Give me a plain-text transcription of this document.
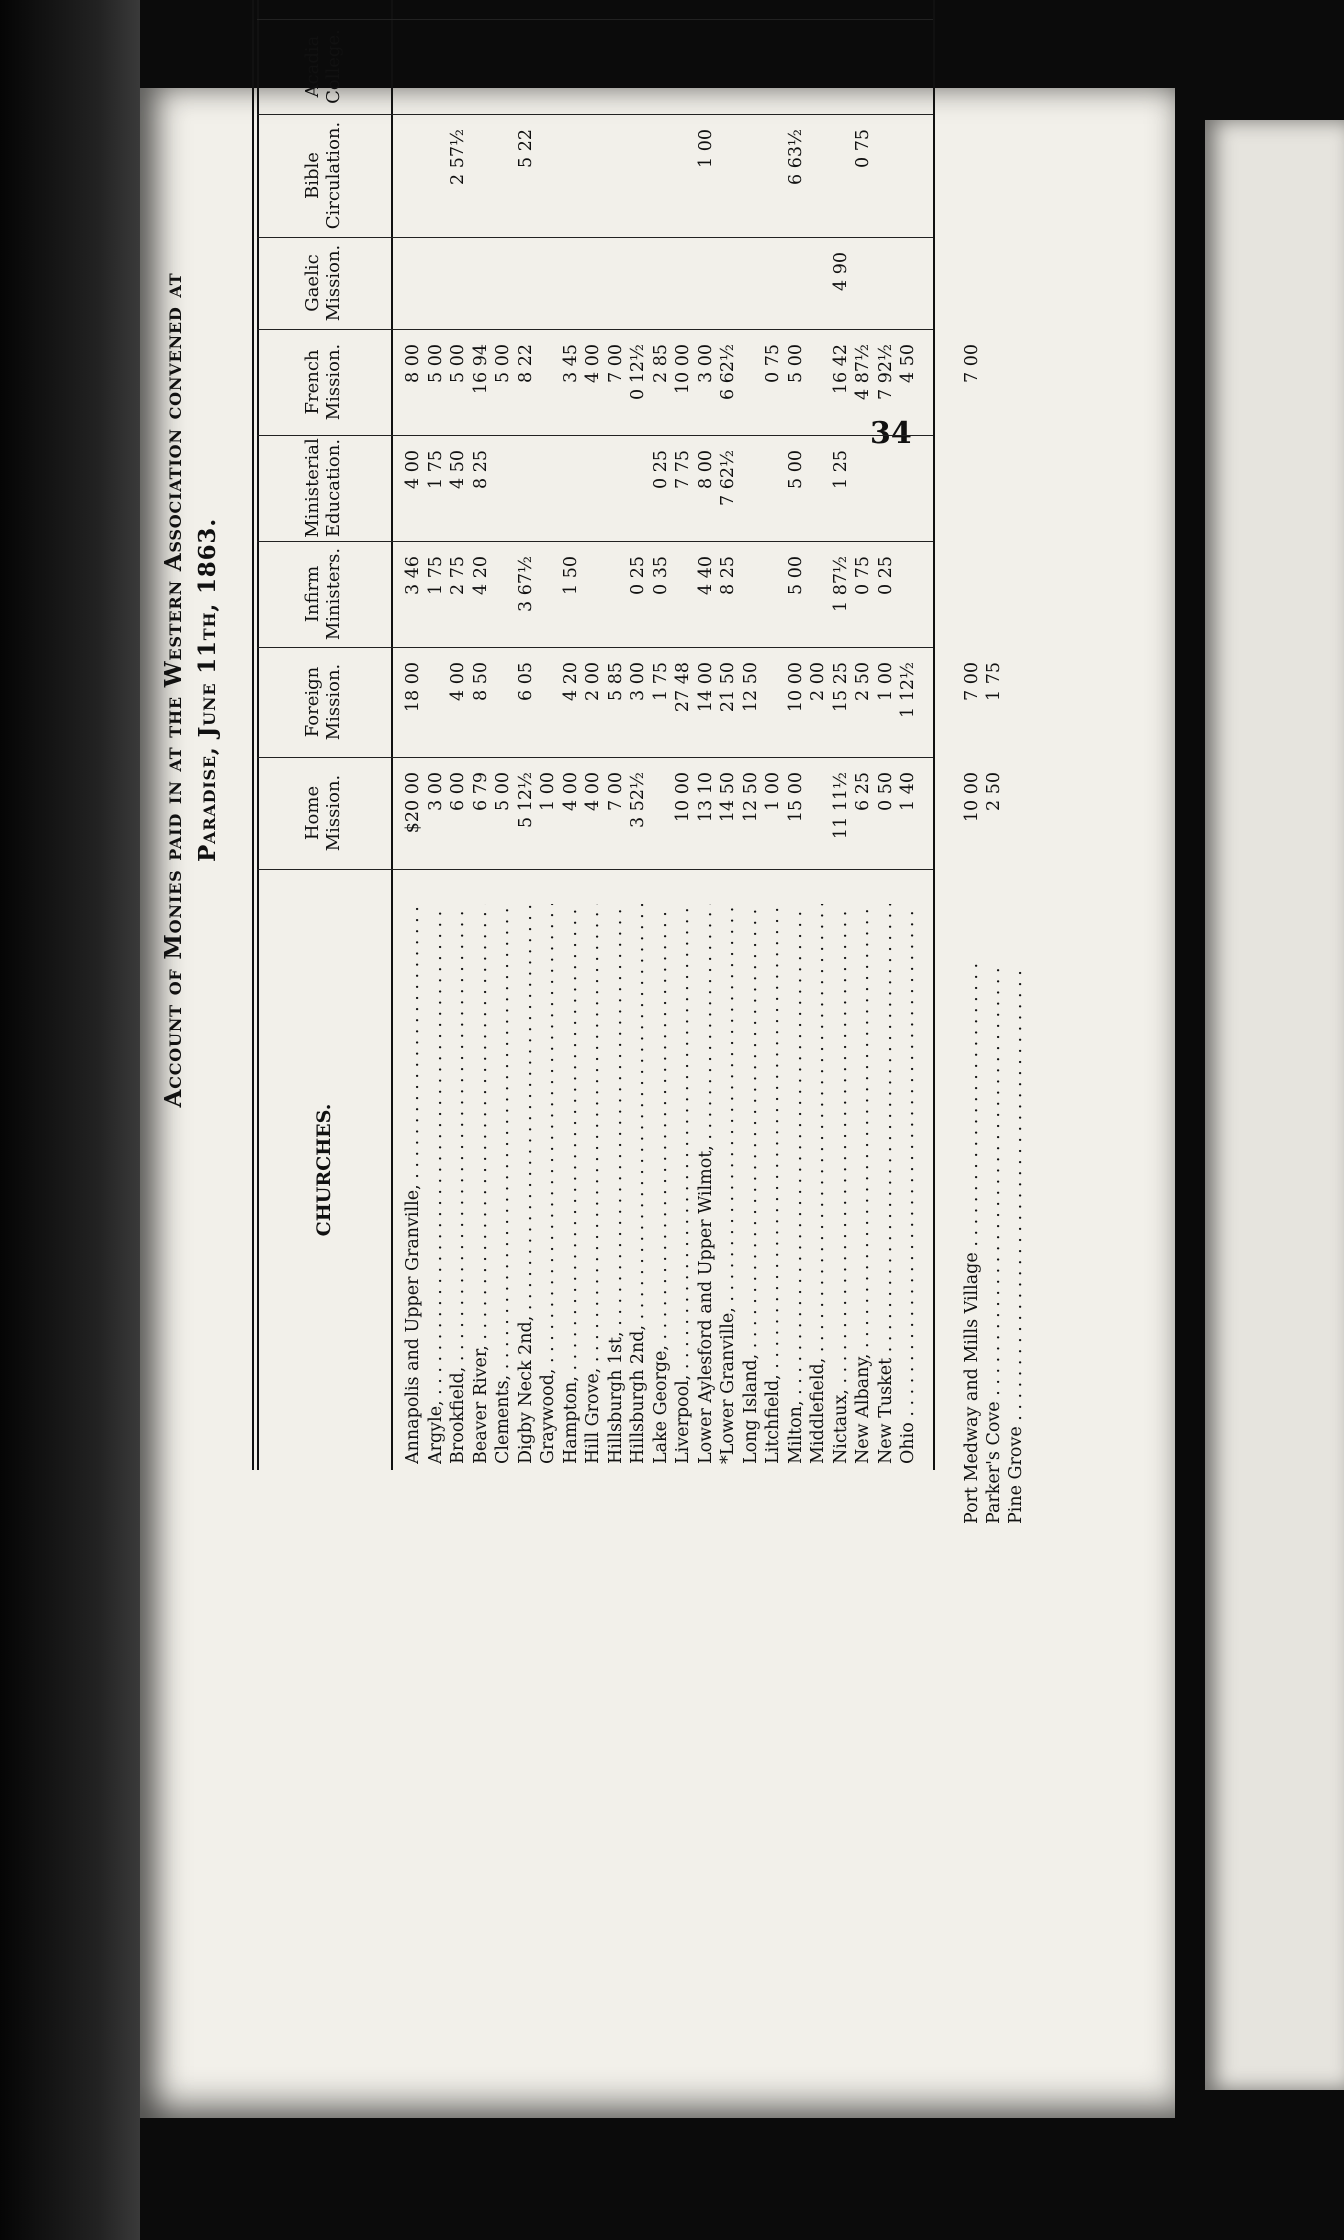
34
Account of Monies paid in at the Western Association convened at Paradise, June 11th, 1863.
CHURCHES.
Home
Mission.
Foreign
Mission.
Infirm
Ministers.
Ministerial
Education.
French
Mission.
Gaelic
Mission.
Bible
Circulation.
Acadia
College.
Annapolis and Upper Granville, . . .
$20 00
18 00
3 46
4 00
8 00
Argyle, . . .
3 00
1 75
1 75
5 00
Brookfield, . . .
6 00
4 00
2 75
4 50
5 00
2 57½
Beaver River, . . .
6 79
8 50
4 20
8 25
16 94
Clements, . . .
5 00
5 00
Digby Neck 2nd, . . .
5 12½
6 05
3 67½
8 22
5 22
Graywood, . . .
1 00
Hampton, . . .
4 00
4 20
1 50
3 45
Hill Grove, . . .
4 00
2 00
4 00
Hillsburgh 1st, . . .
7 00
5 85
7 00
Hillsburgh 2nd, . . .
3 52½
3 00
0 25
0 12½
Lake George, . . .
1 75
0 35
0 25
2 85
Liverpool, . . .
10 00
27 48
7 75
10 00
Lower Aylesford and Upper Wilmot, . . .
13 10
14 00
4 40
8 00
3 00
1 00
*Lower Granville, . . .
14 50
21 50
8 25
7 62½
6 62½
Long Island, . . .
12 50
12 50
Litchfield, . . .
1 00
0 75
Milton, . . .
15 00
10 00
5 00
5 00
5 00
6 63½
Middlefield, . . .
2 00
Nictaux, . . .
11 11½
15 25
1 87½
1 25
16 42
4 90
New Albany, . . .
6 25
2 50
0 75
4 87½
0 75
New Tusket . . .
0 50
1 00
0 25
7 92½
Ohio . . .
1 40
1 12½
4 50
Port Medway and Mills Village . . .
10 00
7 00
7 00
Parker's Cove . . .
2 50
1 75
Pine Grove . . .
